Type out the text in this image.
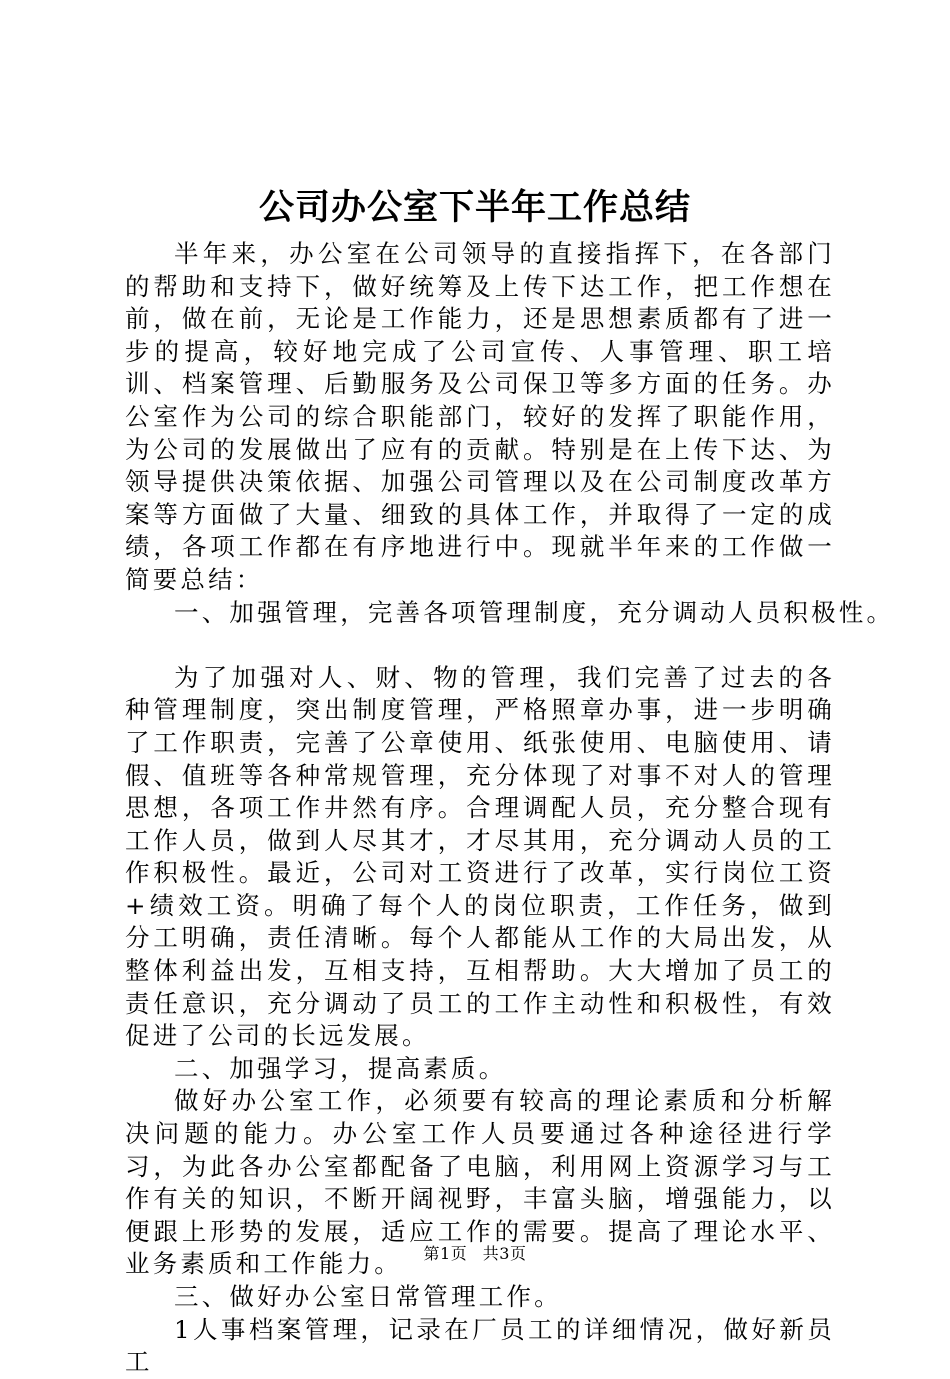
公司办公室下半年工作总结

半年来，办公室在公司领导的直接指挥下，在各部门的帮助和支持下，做好统筹及上传下达工作，把工作想在前，做在前，无论是工作能力，还是思想素质都有了进一步的提高，较好地完成了公司宣传、人事管理、职工培训、档案管理、后勤服务及公司保卫等多方面的任务。办公室作为公司的综合职能部门，较好的发挥了职能作用，为公司的发展做出了应有的贡献。特别是在上传下达、为领导提供决策依据、加强公司管理以及在公司制度改革方案等方面做了大量、细致的具体工作，并取得了一定的成绩，各项工作都在有序地进行中。现就半年来的工作做一简要总结：

一、加强管理，完善各项管理制度，充分调动人员积极性。

为了加强对人、财、物的管理，我们完善了过去的各种管理制度，突出制度管理，严格照章办事，进一步明确了工作职责，完善了公章使用、纸张使用、电脑使用、请假、值班等各种常规管理，充分体现了对事不对人的管理思想，各项工作井然有序。合理调配人员，充分整合现有工作人员，做到人尽其才，才尽其用，充分调动人员的工作积极性。最近，公司对工资进行了改革，实行岗位工资+绩效工资。明确了每个人的岗位职责，工作任务，做到分工明确，责任清晰。每个人都能从工作的大局出发，从整体利益出发，互相支持，互相帮助。大大增加了员工的责任意识，充分调动了员工的工作主动性和积极性，有效促进了公司的长远发展。

二、加强学习，提高素质。

做好办公室工作，必须要有较高的理论素质和分析解决问题的能力。办公室工作人员要通过各种途径进行学习，为此各办公室都配备了电脑，利用网上资源学习与工作有关的知识，不断开阔视野，丰富头脑，增强能力，以便跟上形势的发展，适应工作的需要。提高了理论水平、业务素质和工作能力。

三、做好办公室日常管理工作。

1人事档案管理，记录在厂员工的详细情况，做好新员工

第1页 共3页
